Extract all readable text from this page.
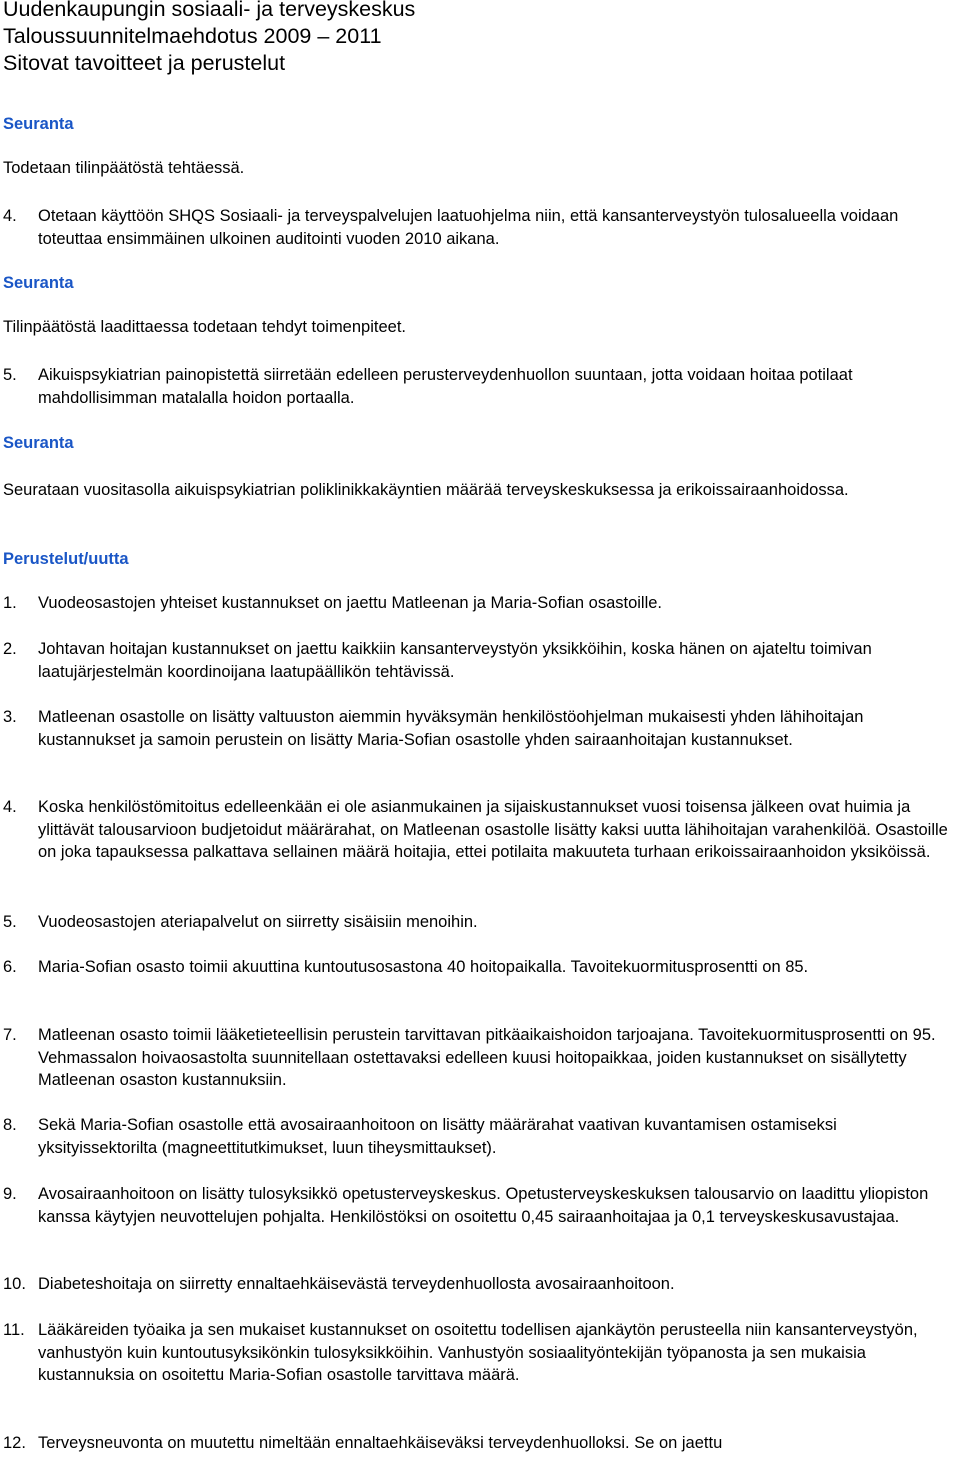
Uudenkaupungin sosiaali- ja terveyskeskus
Taloussuunnitelmaehdotus 2009 – 2011
Sitovat tavoitteet ja perustelut
Seuranta
Todetaan tilinpäätöstä tehtäessä.
4.	Otetaan käyttöön SHQS Sosiaali- ja terveyspalvelujen laatuohjelma niin, että kansanterveystyön tulosalueella voidaan toteuttaa ensimmäinen ulkoinen auditointi vuoden 2010 aikana.
Seuranta
Tilinpäätöstä laadittaessa todetaan tehdyt toimenpiteet.
5.	Aikuispsykiatrian painopistettä siirretään edelleen perusterveydenhuollon suuntaan, jotta voidaan hoitaa potilaat mahdollisimman matalalla hoidon portaalla.
Seuranta
Seurataan vuositasolla aikuispsykiatrian poliklinikkakäyntien määrää terveyskeskuksessa ja erikoissairaanhoidossa.
Perustelut/uutta
1.	Vuodeosastojen yhteiset kustannukset on jaettu Matleenan ja Maria-Sofian osastoille.
2.	Johtavan hoitajan kustannukset on jaettu kaikkiin kansanterveystyön yksikköihin, koska hänen on ajateltu toimivan laatujärjestelmän koordinoijana laatupäällikön tehtävissä.
3.	Matleenan osastolle on lisätty valtuuston aiemmin hyväksymän henkilöstöohjelman mukaisesti yhden lähihoitajan kustannukset ja samoin perustein on lisätty Maria-Sofian osastolle yhden sairaanhoitajan kustannukset.
4.	Koska henkilöstömitoitus edelleenkään ei ole asianmukainen ja sijaiskustannukset vuosi toisensa jälkeen ovat huimia ja ylittävät talousarvioon budjetoidut määrärahat, on Matleenan osastolle lisätty kaksi uutta lähihoitajan varahenkilöä. Osastoille on joka tapauksessa palkattava sellainen määrä hoitajia, ettei potilaita makuuteta turhaan erikoissairaanhoidon yksiköissä.
5.	Vuodeosastojen ateriapalvelut on siirretty sisäisiin menoihin.
6.	Maria-Sofian osasto toimii akuuttina kuntoutusosastona 40 hoitopaikalla. Tavoitekuormitusprosentti on 85.
7.	Matleenan osasto toimii lääketieteellisin perustein tarvittavan pitkäaikaishoidon tarjoajana. Tavoitekuormitusprosentti on 95. Vehmassalon hoivaosastolta suunnitellaan ostettavaksi edelleen kuusi hoitopaikkaa, joiden kustannukset on sisällytetty Matleenan osaston kustannuksiin.
8.	Sekä Maria-Sofian osastolle että avosairaanhoitoon on lisätty määrärahat vaativan kuvantamisen ostamiseksi yksityissektorilta (magneettitutkimukset, luun tiheysmittaukset).
9.	Avosairaanhoitoon on lisätty tulosyksikkö opetusterveyskeskus. Opetusterveyskeskuksen talousarvio on laadittu yliopiston kanssa käytyjen neuvottelujen pohjalta. Henkilöstöksi on osoitettu 0,45 sairaanhoitajaa ja 0,1 terveyskeskusavustajaa.
10. Diabeteshoitaja on siirretty ennaltaehkäisevästä terveydenhuollosta avosairaanhoitoon.
11. Lääkäreiden työaika ja sen mukaiset kustannukset on osoitettu todellisen ajankäytön perusteella niin kansanterveystyön, vanhustyön kuin kuntoutusyksikönkin tulosyksikköihin. Vanhustyön sosiaalityöntekijän työpanosta ja sen mukaisia kustannuksia on osoitettu Maria-Sofian osastolle tarvittava määrä.
12. Terveysneuvonta on muutettu nimeltään ennaltaehkäiseväksi terveydenhuolloksi. Se on jaettu
